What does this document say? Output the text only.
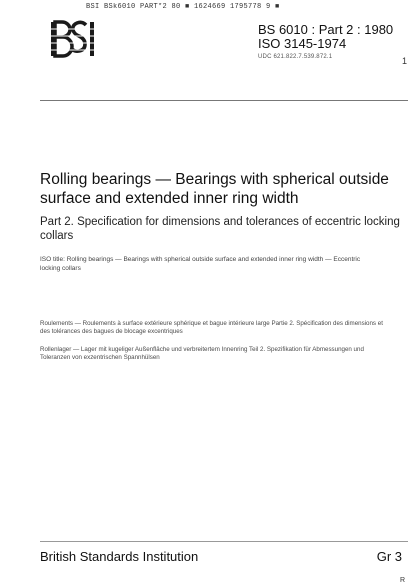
BSI BSk6010 PART*2 80 ■ 1624669 1795778 9 ■
BS 6010 : Part 2 : 1980
ISO 3145-1974
UDC 621.822.7.539.872.1	1
Rolling bearings — Bearings with spherical outside surface and extended inner ring width
Part 2. Specification for dimensions and tolerances of eccentric locking collars
ISO title: Rolling bearings — Bearings with spherical outside surface and extended inner ring width — Eccentric locking collars
Roulements — Roulements à surface extérieure sphérique et bague intérieure large Partie 2. Spécification des dimensions et des tolérances des bagues de blocage excentriques
Rollenlager — Lager mit kugeliger Außenfläche und verbreitertem Innenring Teil 2. Spezifikation für Abmessungen und Toleranzen von exzentrischen Spannhülsen
British Standards Institution	Gr 3
R
